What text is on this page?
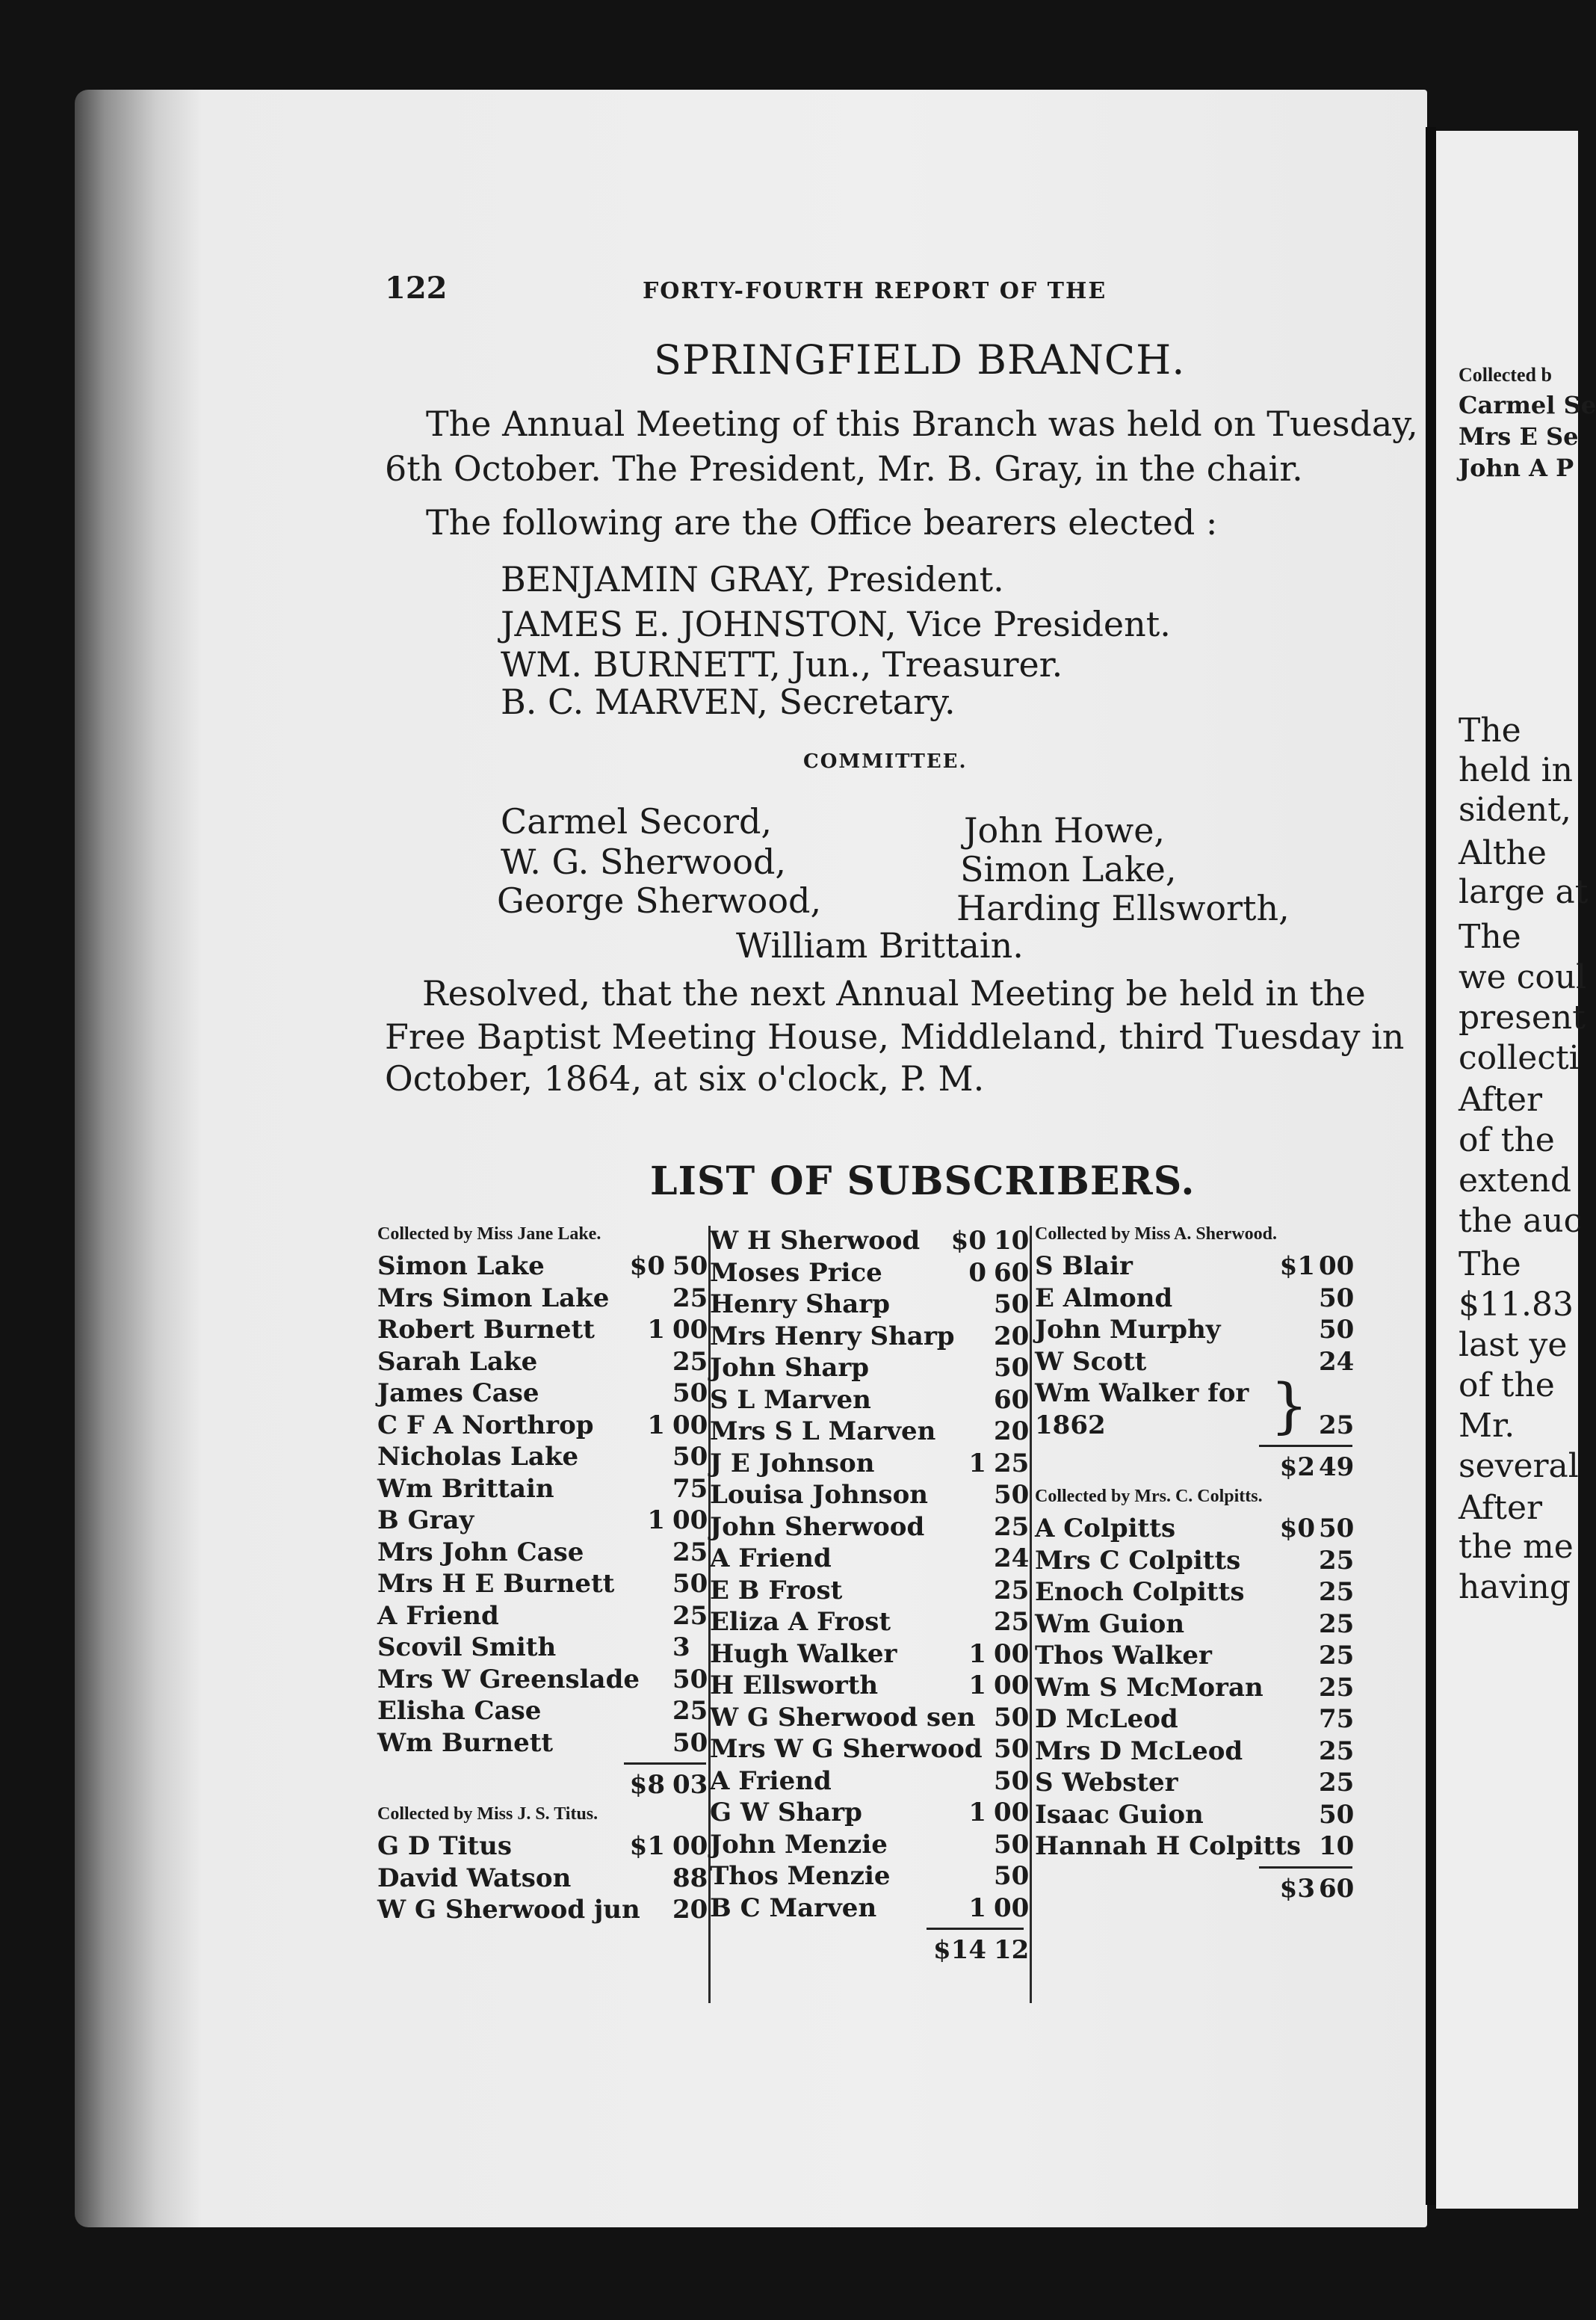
Collected b
Carmel Se
Mrs E Se
John A P
The
held in
sident,
Althe
large at
The
we coul
present
collecti
After
of the
extend
the auc
The
$11.83
last ye
of the
Mr.
several
After
the me
having
122	FORTY-FOURTH REPORT OF THE
SPRINGFIELD BRANCH.
The Annual Meeting of this Branch was held on Tuesday,
6th October. The President, Mr. B. Gray, in the chair.
The following are the Office bearers elected :
BENJAMIN GRAY, President.
JAMES E. JOHNSTON, Vice President.
WM. BURNETT, Jun., Treasurer.
B. C. MARVEN, Secretary.
COMMITTEE.
Carmel Secord,
W. G. Sherwood,
George Sherwood,
John Howe,
Simon Lake,
Harding Ellsworth,
William Brittain.
Resolved, that the next Annual Meeting be held in the
Free Baptist Meeting House, Middleland, third Tuesday in
October, 1864, at six o'clock, P. M.
LIST OF SUBSCRIBERS.
Collected by Miss Jane Lake.
Simon Lake	$0 50
Mrs Simon Lake 25
Robert Burnett 1 00
Sarah Lake	25
James Case	50
C F A Northrop 1 00
Nicholas Lake	50
Wm Brittain	75
B Gray	1 00
Mrs John Case	25
Mrs H E Burnett 50
A Friend	25
Scovil Smith	3
Mrs W Greenslade 50
Elisha Case	25
Wm Burnett	50
$8 03
Collected by Miss J. S. Titus.
G D Titus	$1 00
David Watson	88
W G Sherwood jun 20
W H Sherwood $0 10
Moses Price	0 60
Henry Sharp	50
Mrs Henry Sharp 20
John Sharp	50
S L Marven	60
Mrs S L Marven 20
J E Johnson	1 25
Louisa Johnson	50
John Sherwood	25
A Friend	24
E B Frost	25
Eliza A Frost	25
Hugh Walker	1 00
H Ellsworth	1 00
W G Sherwood sen 50
Mrs W G Sherwood 50
A Friend	50
G W Sharp	1 00
John Menzie	50
Thos Menzie	50
B C Marven	1 00
$14 12
Collected by Miss A. Sherwood.
S Blair	$1 00
E Almond	50
John Murphy	50
W Scott	24
Wm Walker for
1862	25
$2 49
Collected by Mrs. C. Colpitts.
A Colpitts	$0 50
Mrs C Colpitts	25
Enoch Colpitts	25
Wm Guion	25
Thos Walker	25
Wm S McMoran 25
D McLeod	75
Mrs D McLeod	25
S Webster	25
Isaac Guion	50
Hannah H Colpitts 10
$3 60
}
